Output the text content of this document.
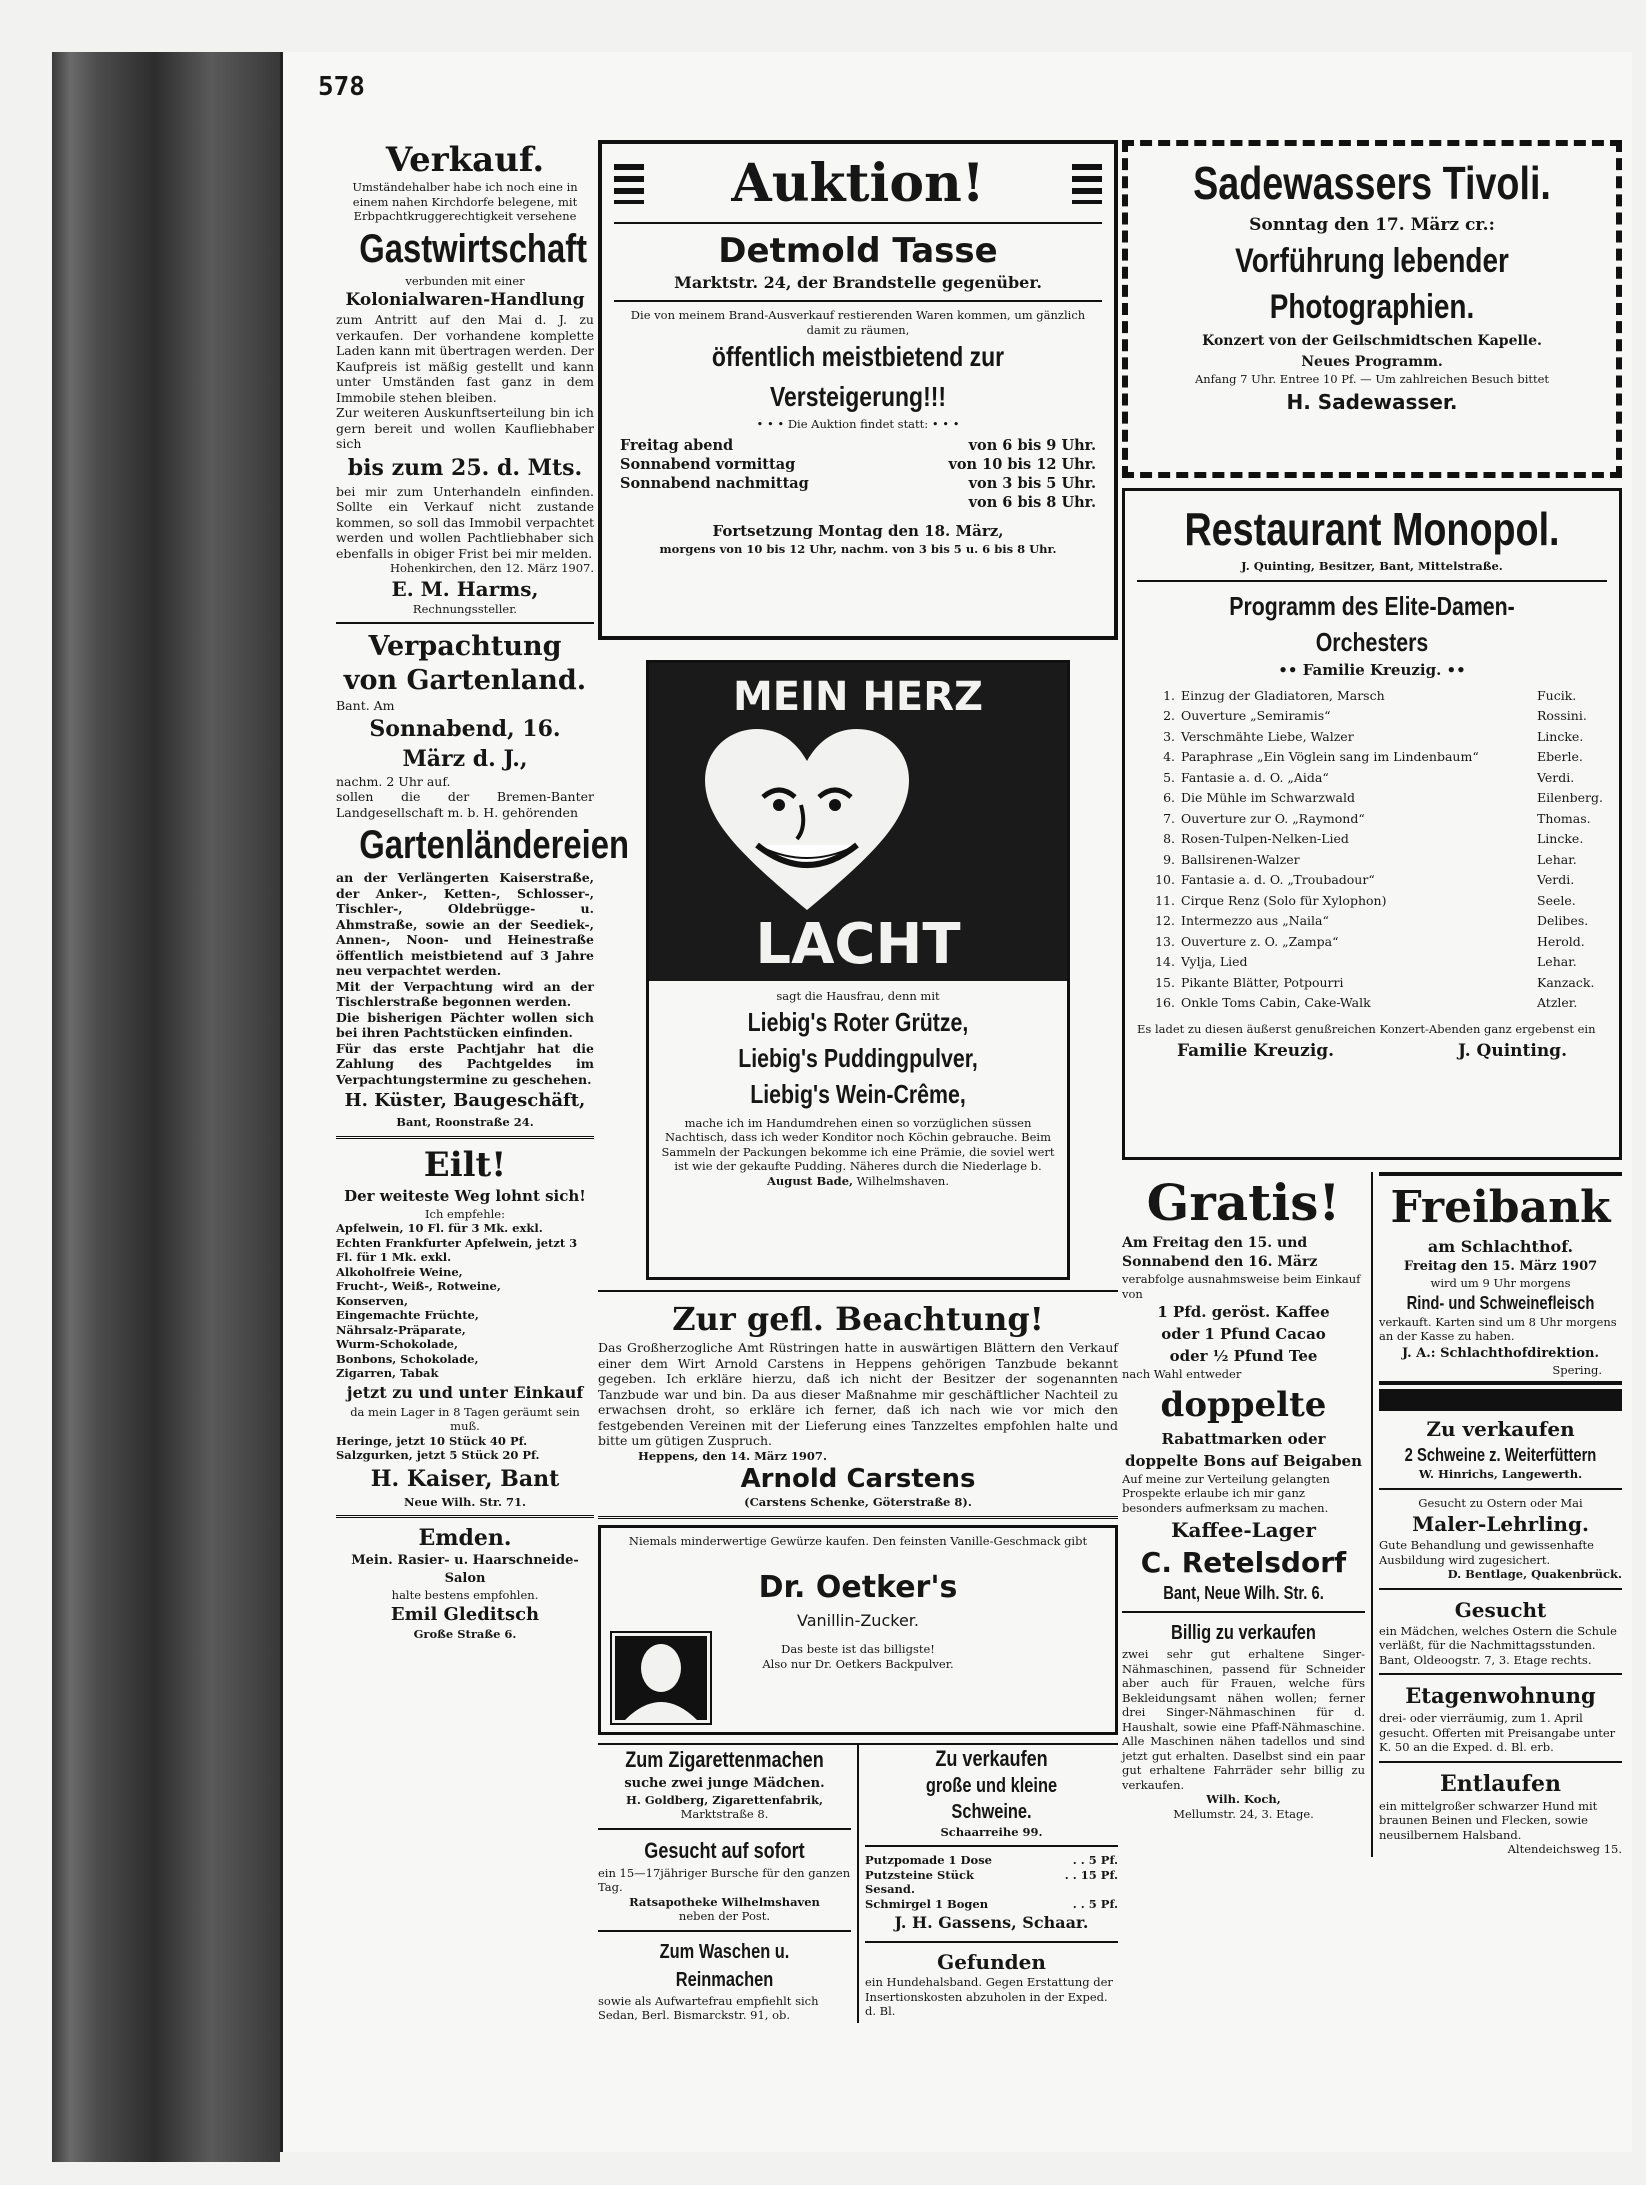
578
Verkauf.
Umständehalber habe ich noch eine in einem nahen Kirchdorfe belegene, mit Erbpachtkruggerechtigkeit versehene
Gastwirtschaft
verbunden mit einer
Kolonialwaren-Handlung
zum Antritt auf den Mai d. J. zu verkaufen. Der vorhandene komplette Laden kann mit übertragen werden. Der Kaufpreis ist mäßig gestellt und kann unter Umständen fast ganz in dem Immobile stehen bleiben.
Zur weiteren Auskunftserteilung bin ich gern bereit und wollen Kaufliebhaber sich
bis zum 25. d. Mts.
bei mir zum Unterhandeln einfinden. Sollte ein Verkauf nicht zustande kommen, so soll das Immobil verpachtet werden und wollen Pachtliebhaber sich ebenfalls in obiger Frist bei mir melden.
Hohenkirchen, den 12. März 1907.
E. M. Harms,
Rechnungssteller.
Verpachtung
von Gartenland.
Bant. Am
Sonnabend, 16. März d. J.,
nachm. 2 Uhr auf.
sollen die der Bremen-Banter Landgesellschaft m. b. H. gehörenden
Gartenländereien
an der Verlängerten Kaiserstraße, der Anker-, Ketten-, Schlosser-, Tischler-, Oldebrügge- u. Ahmstraße, sowie an der Seediek-, Annen-, Noon- und Heinestraße öffentlich meistbietend auf 3 Jahre neu verpachtet werden.
Mit der Verpachtung wird an der Tischlerstraße begonnen werden.
Die bisherigen Pächter wollen sich bei ihren Pachtstücken einfinden.
Für das erste Pachtjahr hat die Zahlung des Pachtgeldes im Verpachtungstermine zu geschehen.
H. Küster, Baugeschäft,
Bant, Roonstraße 24.
Eilt!
Der weiteste Weg lohnt sich!
Ich empfehle:
Apfelwein, 10 Fl. für 3 Mk. exkl.
Echten Frankfurter Apfelwein, jetzt 3 Fl. für 1 Mk. exkl.
Alkoholfreie Weine,
Frucht-, Weiß-, Rotweine,
Konserven,
Eingemachte Früchte,
Nährsalz-Präparate,
Wurm-Schokolade,
Bonbons, Schokolade,
Zigarren, Tabak
jetzt zu und unter Einkauf
da mein Lager in 8 Tagen geräumt sein muß.
Heringe, jetzt 10 Stück 40 Pf.
Salzgurken, jetzt 5 Stück 20 Pf.
H. Kaiser, Bant
Neue Wilh. Str. 71.
Emden.
Mein. Rasier- u. Haarschneide-Salon
halte bestens empfohlen.
Emil Gleditsch
Große Straße 6.
Auktion!
Detmold Tasse
Marktstr. 24, der Brandstelle gegenüber.
Die von meinem Brand-Ausverkauf restierenden Waren kommen, um gänzlich damit zu räumen,
öffentlich meistbietend zur Versteigerung!!!
• • • Die Auktion findet statt: • • •
Freitag abend	von 6 bis 9 Uhr.
Sonnabend vormittag	von 10 bis 12 Uhr.
Sonnabend nachmittag	von 3 bis 5 Uhr.
von 6 bis 8 Uhr.
Fortsetzung Montag den 18. März,
morgens von 10 bis 12 Uhr, nachm. von 3 bis 5 u. 6 bis 8 Uhr.
MEIN HERZ
LACHT
sagt die Hausfrau, denn mit
Liebig's Roter Grütze,
Liebig's Puddingpulver,
Liebig's Wein-Crême,
mache ich im Handumdrehen einen so vorzüglichen süssen Nachtisch, dass ich weder Konditor noch Köchin gebrauche. Beim Sammeln der Packungen bekomme ich eine Prämie, die soviel wert ist wie der gekaufte Pudding. Näheres durch die Niederlage b. August Bade, Wilhelmshaven.
Zur gefl. Beachtung!
Das Großherzogliche Amt Rüstringen hatte in auswärtigen Blättern den Verkauf einer dem Wirt Arnold Carstens in Heppens gehörigen Tanzbude bekannt gegeben. Ich erkläre hierzu, daß ich nicht der Besitzer der sogenannten Tanzbude war und bin. Da aus dieser Maßnahme mir geschäftlicher Nachteil zu erwachsen droht, so erkläre ich ferner, daß ich nach wie vor mich den festgebenden Vereinen mit der Lieferung eines Tanzzeltes empfohlen halte und bitte um gütigen Zuspruch.
Heppens, den 14. März 1907.
Arnold Carstens
(Carstens Schenke, Göterstraße 8).
Niemals minderwertige Gewürze kaufen. Den feinsten Vanille-Geschmack gibt
Dr. Oetker's
Vanillin-Zucker.
Das beste ist das billigste!
Also nur Dr. Oetkers Backpulver.
Zum Zigarettenmachen
suche zwei junge Mädchen.
H. Goldberg, Zigarettenfabrik,
Marktstraße 8.
Gesucht auf sofort
ein 15—17jähriger Bursche für den ganzen Tag.
Ratsapotheke Wilhelmshaven
neben der Post.
Zum Waschen u. Reinmachen
sowie als Aufwartefrau empfiehlt sich Sedan, Berl. Bismarckstr. 91, ob.
Zu verkaufen
große und kleine Schweine.
Schaarreihe 99.
Putzpomade 1 Dose	. . 5 Pf.
Putzsteine Stück	. . 15 Pf.
Sesand.
Schmirgel 1 Bogen	. . 5 Pf.
J. H. Gassens, Schaar.
Gefunden
ein Hundehalsband. Gegen Erstattung der Insertionskosten abzuholen in der Exped. d. Bl.
Sadewassers Tivoli.
Sonntag den 17. März cr.:
Vorführung lebender Photographien.
Konzert von der Geilschmidtschen Kapelle.
Neues Programm.
Anfang 7 Uhr. Entree 10 Pf. — Um zahlreichen Besuch bittet
H. Sadewasser.
Restaurant Monopol.
J. Quinting, Besitzer, Bant, Mittelstraße.
Programm des Elite-Damen-Orchesters
•• Familie Kreuzig. ••
1. Einzug der Gladiatoren, Marsch	Fucik.
2. Ouverture „Semiramis“	Rossini.
3. Verschmähte Liebe, Walzer	Lincke.
4. Paraphrase „Ein Vöglein sang im Lindenbaum“	Eberle.
5. Fantasie a. d. O. „Aida“	Verdi.
6. Die Mühle im Schwarzwald	Eilenberg.
7. Ouverture zur O. „Raymond“	Thomas.
8. Rosen-Tulpen-Nelken-Lied	Lincke.
9. Ballsirenen-Walzer	Lehar.
10. Fantasie a. d. O. „Troubadour“	Verdi.
11. Cirque Renz (Solo für Xylophon)	Seele.
12. Intermezzo aus „Naila“	Delibes.
13. Ouverture z. O. „Zampa“	Herold.
14. Vylja, Lied	Lehar.
15. Pikante Blätter, Potpourri	Kanzack.
16. Onkle Toms Cabin, Cake-Walk	Atzler.
Es ladet zu diesen äußerst genußreichen Konzert-Abenden ganz ergebenst ein
Familie Kreuzig.	J. Quinting.
Gratis!
Am Freitag den 15. und Sonnabend den 16. März
verabfolge ausnahmsweise beim Einkauf von
1 Pfd. geröst. Kaffee
oder 1 Pfund Cacao
oder ½ Pfund Tee
nach Wahl entweder
doppelte
Rabattmarken oder
doppelte Bons auf Beigaben
Auf meine zur Verteilung gelangten Prospekte erlaube ich mir ganz besonders aufmerksam zu machen.
Kaffee-Lager
C. Retelsdorf
Bant, Neue Wilh. Str. 6.
Billig zu verkaufen
zwei sehr gut erhaltene Singer-Nähmaschinen, passend für Schneider aber auch für Frauen, welche fürs Bekleidungsamt nähen wollen; ferner drei Singer-Nähmaschinen für d. Haushalt, sowie eine Pfaff-Nähmaschine. Alle Maschinen nähen tadellos und sind jetzt gut erhalten. Daselbst sind ein paar gut erhaltene Fahrräder sehr billig zu verkaufen.
Wilh. Koch,
Mellumstr. 24, 3. Etage.
Freibank
am Schlachthof.
Freitag den 15. März 1907
wird um 9 Uhr morgens
Rind- und Schweinefleisch
verkauft. Karten sind um 8 Uhr morgens an der Kasse zu haben.
J. A.: Schlachthofdirektion.
Spering.
Zu verkaufen
2 Schweine z. Weiterfüttern
W. Hinrichs, Langewerth.
Gesucht zu Ostern oder Mai
Maler-Lehrling.
Gute Behandlung und gewissenhafte Ausbildung wird zugesichert.
D. Bentlage, Quakenbrück.
Gesucht
ein Mädchen, welches Ostern die Schule verläßt, für die Nachmittagsstunden. Bant, Oldeoogstr. 7, 3. Etage rechts.
Etagenwohnung
drei- oder vierräumig, zum 1. April gesucht. Offerten mit Preisangabe unter K. 50 an die Exped. d. Bl. erb.
Entlaufen
ein mittelgroßer schwarzer Hund mit braunen Beinen und Flecken, sowie neusilbernem Halsband.
Altendeichsweg 15.
